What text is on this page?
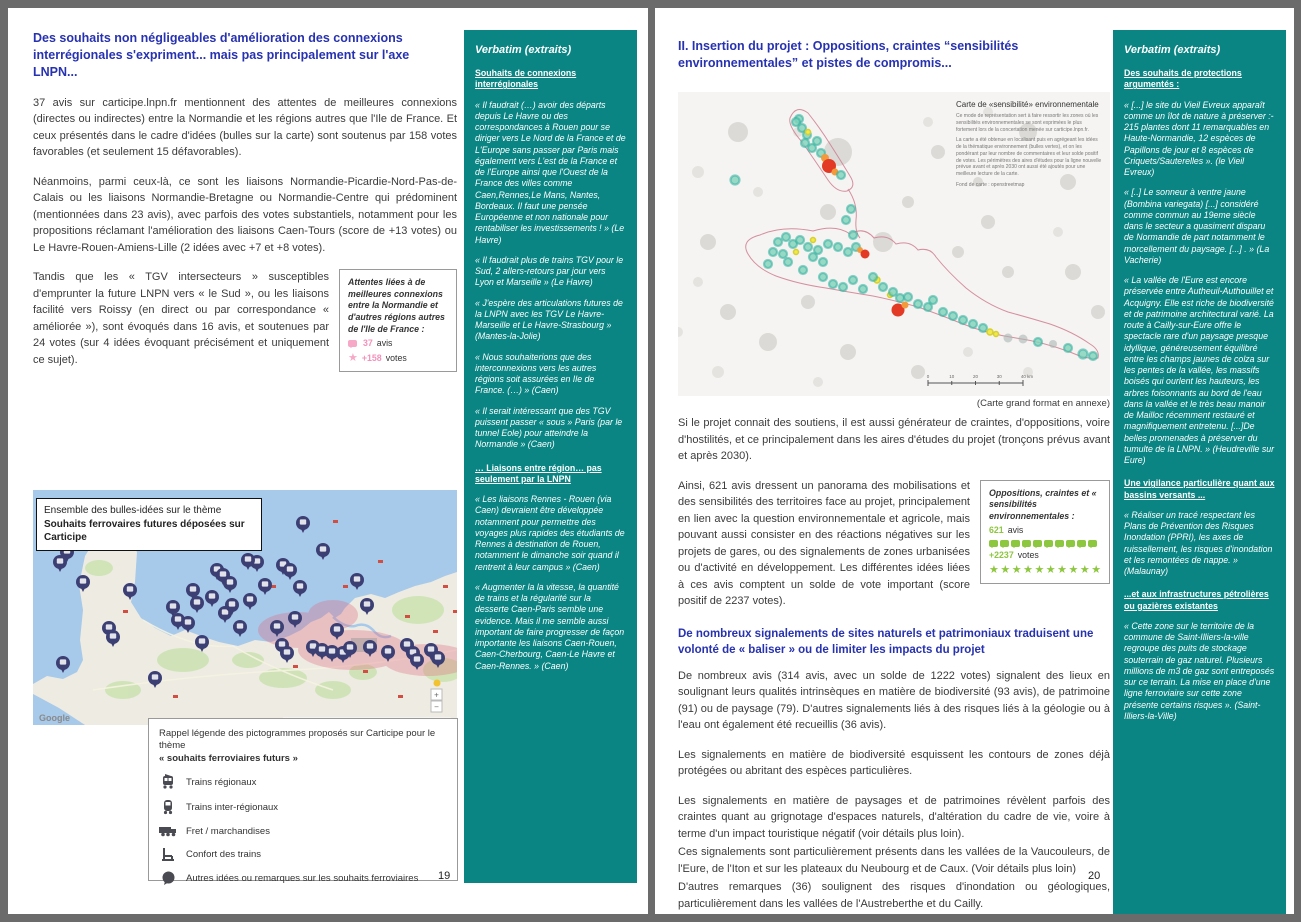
Des souhaits non négligeables d'amélioration des connexions interrégionales s'expriment... mais pas principalement sur l'axe LNPN...

37 avis sur carticipe.lnpn.fr mentionnent des attentes de meilleures connexions (directes ou indirectes) entre la Normandie et les régions autres que l'Ile de France. Et ceux présentés dans le cadre d'idées (bulles sur la carte) sont soutenus par 158 votes favorables (et seulement 15 défavorables).

Néanmoins, parmi ceux-là, ce sont les liaisons Normandie-Picardie-Nord-Pas-de-Calais ou les liaisons Normandie-Bretagne ou Normandie-Centre qui prédominent (mentionnées dans 23 avis), avec parfois des votes substantiels, notamment pour les propositions réclamant l'amélioration des liaisons Caen-Tours (score de +13 votes) ou Le Havre-Rouen-Amiens-Lille (2 idées avec +7 et +8 votes).

Attentes liées à de meilleures connexions entre la Normandie et d'autres régions autres de l'Ile de France :
37 avis
★ +158 votes

Tandis que les « TGV intersecteurs » susceptibles d'emprunter la future LNPN vers « le Sud », ou les liaisons facilité vers Roissy (en direct ou par correspondance « améliorée »), sont évoqués dans 16 avis, et soutenues par 24 votes (sur 4 idées évoquant précisément et uniquement ce sujet).

+
−
Google
Ensemble des bulles-idées sur le thème
Souhaits ferrovaires futures déposées sur
Carticipe
Rappel légende des pictogrammes proposés sur Carticipe pour le thème
« souhaits ferroviaires futurs »
Trains régionaux
Trains inter-régionaux
Fret / marchandises
Confort des trains
Autres idées ou remarques sur les souhaits ferroviaires 19
Verbatim (extraits)
Souhaits de connexions interrégionales
« Il faudrait (…) avoir des départs depuis Le Havre ou des correspondances à Rouen pour se diriger vers Le Nord de la France et de L'Europe sans passer par Paris mais également vers L'est de la France et de l'Europe ainsi que l'Ouest de la France des villes comme Caen,Rennes,Le Mans, Nantes, Bordeaux. Il faut une pensée Européenne et non nationale pour rentabiliser les investissements ! » (Le Havre)
« Il faudrait plus de trains TGV pour le Sud, 2 allers-retours par jour vers Lyon et Marseille » (Le Havre)
« J'espère des articulations futures de la LNPN avec les TGV Le Havre-Marseille et Le Havre-Strasbourg » (Mantes-la-Jolie)
« Nous souhaiterions que des interconnexions vers les autres régions soit assurées en Ile de France. (…) » (Caen)
« Il serait intéressant que des TGV puissent passer « sous » Paris (par le tunnel Eole) pour atteindre la Normandie » (Caen)
… Liaisons entre région… pas seulement par la LNPN
« Les liaisons Rennes - Rouen (via Caen) devraient être développée notamment pour permettre des voyages plus rapides des étudiants de Rennes à destination de Rouen, notamment le dimanche soir quand il rentrent à leur campus » (Caen)
« Augmenter la la vitesse, la quantité de trains et la régularité sur la desserte Caen-Paris semble une evidence. Mais il me semble aussi important de faire progresser de façon importante les liaisons Caen-Rouen, Caen-Cherbourg, Caen-Le Havre et Caen-Rennes. » (Caen)
II. Insertion du projet : Oppositions, craintes “sensibilités environnementales” et pistes de compromis...
0	10	20	30	40 km
Carte de «sensibilité» environnementale
Ce mode de représentation sert à faire ressortir les zones où les sensibilités environnementales se sont exprimées le plus fortement lors de la concertation menée sur carticipe.lnpn.fr.
La carte a été obtenue en localisant puis en agrégeant les idées de la thématique environnement (bulles vertes), et on les pondérant par leur nombre de commentaires et leur solde positif de votes. Les périmètres des aires d'études pour la ligne nouvelle prévue avant et après 2030 ont aussi été ajoutés pour une meilleure lecture de la carte.
Fond de carte : openstreetmap

(Carte grand format en annexe)

Si le projet connait des soutiens, il est aussi générateur de craintes, d'oppositions, voire d'hostilités, et ce principalement dans les aires d'études du projet (tronçons prévus avant et après 2030).

Oppositions, craintes et « sensibilités environnementales :
621 avis
+2237 votes
★★★★★★★★★★

Ainsi, 621 avis dressent un panorama des mobilisations et des sensibilités des territoires face au projet, principalement en lien avec la question environnementale et agricole, mais pouvant aussi consister en des réactions négatives sur les projets de gares, ou des signalements de zones urbanisées ou d'activité en développement. Les différentes idées liées à ces avis comptent un solde de vote important (score positif de 2237 votes).

De nombreux signalements de sites naturels et patrimoniaux traduisent une volonté de « baliser » ou de limiter les impacts du projet

De nombreux avis (314 avis, avec un solde de 1222 votes) signalent des lieux en soulignant leurs qualités intrinsèques en matière de biodiversité (93 avis), de patrimoine (91) ou de paysage (79). D'autres signalements liés à des risques liés à la géologie ou à l'eau ont également été recueillis (36 avis).

Les signalements en matière de biodiversité esquissent les contours de zones déjà protégées ou abritant des espèces particulières.

Les signalements en matière de paysages et de patrimoines révèlent parfois des craintes quant au grignotage d'espaces naturels, d'altération du cadre de vie, voire à terme d'un impact touristique négatif (voir détails plus loin).

Ces signalements sont particulièrement présents dans les vallées de la Vaucouleurs, de l'Eure, de l'Iton et sur les plateaux du Neubourg et de Caux. (Voir détails plus loin)

D'autres remarques (36) soulignent des risques d'inondation ou géologiques, particulièrement dans les vallées de l'Austreberthe et du Cailly.

20
Verbatim (extraits)
Des souhaits de protections argumentés :
« [...] le site du Vieil Evreux apparaît comme un îlot de nature à préserver :- 215 plantes dont 11 remarquables en Haute-Normandie, 12 espèces de Papillons de jour et 8 espèces de Criquets/Sauterelles ». (le Vieil Evreux)
« [..] Le sonneur à ventre jaune (Bombina variegata) [...] considéré comme commun au 19eme siècle dans le secteur a quasiment disparu de Normandie de part notamment le morcellement du paysage. [...] . » (La Vacherie)
« La vallée de l'Eure est encore préservée entre Autheuil-Authouillet et Acquigny. Elle est riche de biodiversité et de patrimoine architectural varié. La route à Cailly-sur-Eure offre le spectacle rare d'un paysage presque idyllique, généreusement équilibré entre les champs jaunes de colza sur les pentes de la vallée, les massifs boisés qui ourlent les hauteurs, les arbres foisonnants au bord de l'eau dans la vallée et le très beau manoir de Mailloc récemment restauré et magnifiquement entretenu. [...]De belles promenades à préserver du tumulte de la LNPN. » (Heudreville sur Eure)
Une vigilance particulière quant aux bassins versants ...
« Réaliser un tracé respectant les Plans de Prévention des Risques Inondation (PPRI), les axes de ruissellement, les risques d'inondation et les remontées de nappe. » (Malaunay)
...et aux infrastructures pétrolières ou gazières existantes
« Cette zone sur le territoire de la commune de Saint-Illiers-la-ville regroupe des puits de stockage souterrain de gaz naturel. Plusieurs millions de m3 de gaz sont entreposés sur ce terrain. La mise en place d'une ligne ferroviaire sur cette zone présente certains risques ». (Saint-Illiers-la-Ville)
